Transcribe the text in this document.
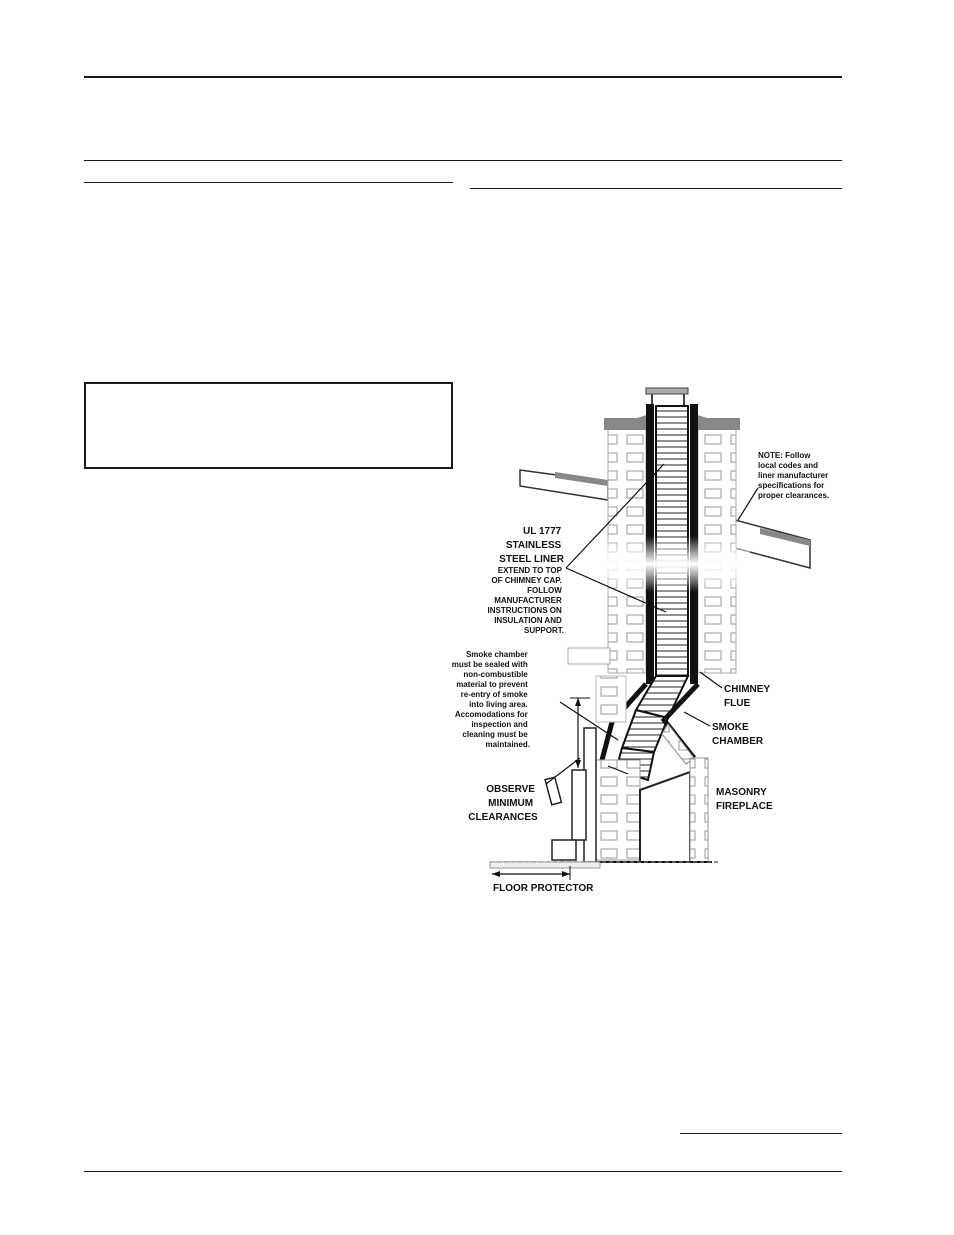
NOTE: Follow local codes and liner manufacturer specifications for proper clearances.
UL 1777 STAINLESS STEEL LINER
EXTEND TO TOP OF CHIMNEY CAP. FOLLOW MANUFACTURER INSTRUCTIONS ON INSULATION AND SUPPORT.
Smoke chamber must be sealed with non-combustible material to prevent re-entry of smoke into living area. Accomodations for inspection and cleaning must be maintained.
CHIMNEY FLUE
SMOKE CHAMBER
MASONRY FIREPLACE
OBSERVE MINIMUM CLEARANCES
FLOOR PROTECTOR
